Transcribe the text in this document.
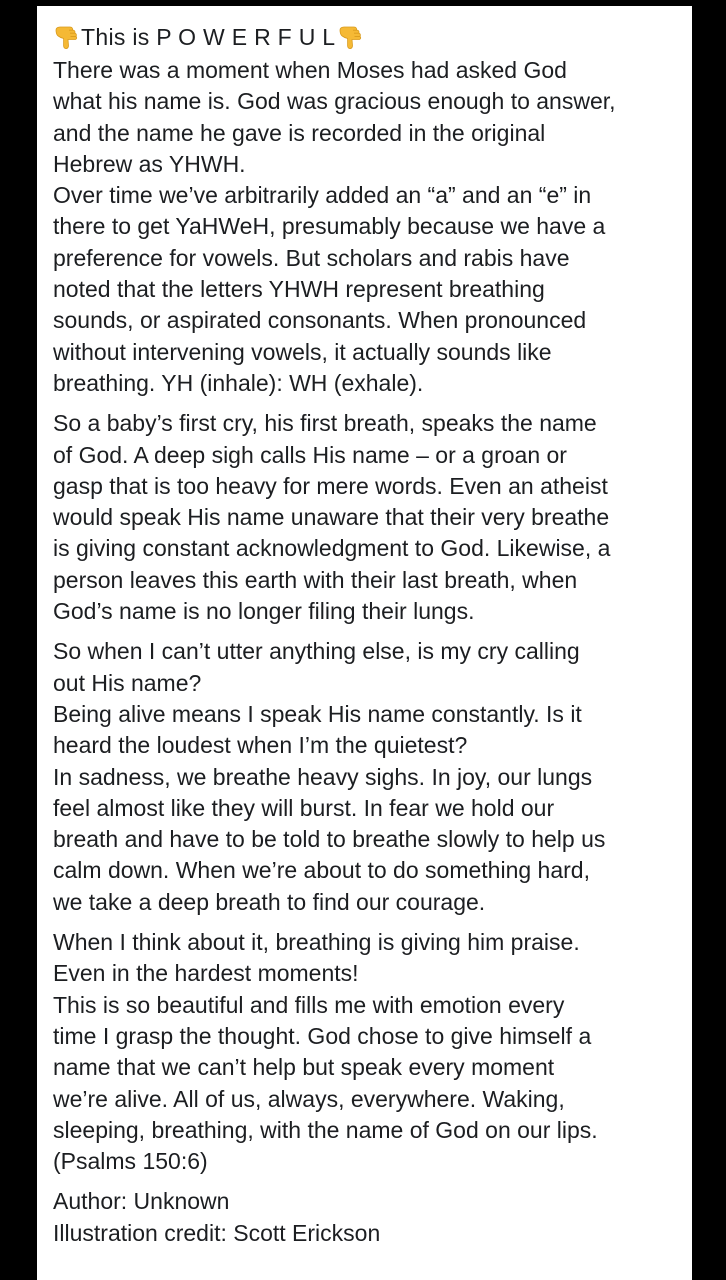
This is P O W E R F U L
There was a moment when Moses had asked God
what his name is. God was gracious enough to answer,
and the name he gave is recorded in the original
Hebrew as YHWH.
Over time we’ve arbitrarily added an “a” and an “e” in
there to get YaHWeH, presumably because we have a
preference for vowels. But scholars and rabis have
noted that the letters YHWH represent breathing
sounds, or aspirated consonants. When pronounced
without intervening vowels, it actually sounds like
breathing. YH (inhale): WH (exhale).
So a baby’s first cry, his first breath, speaks the name
of God. A deep sigh calls His name – or a groan or
gasp that is too heavy for mere words. Even an atheist
would speak His name unaware that their very breathe
is giving constant acknowledgment to God. Likewise, a
person leaves this earth with their last breath, when
God’s name is no longer filing their lungs.
So when I can’t utter anything else, is my cry calling
out His name?
Being alive means I speak His name constantly. Is it
heard the loudest when I’m the quietest?
In sadness, we breathe heavy sighs. In joy, our lungs
feel almost like they will burst. In fear we hold our
breath and have to be told to breathe slowly to help us
calm down. When we’re about to do something hard,
we take a deep breath to find our courage.
When I think about it, breathing is giving him praise.
Even in the hardest moments!
This is so beautiful and fills me with emotion every
time I grasp the thought. God chose to give himself a
name that we can’t help but speak every moment
we’re alive. All of us, always, everywhere. Waking,
sleeping, breathing, with the name of God on our lips.
(Psalms 150:6)
Author: Unknown
Illustration credit: Scott Erickson
